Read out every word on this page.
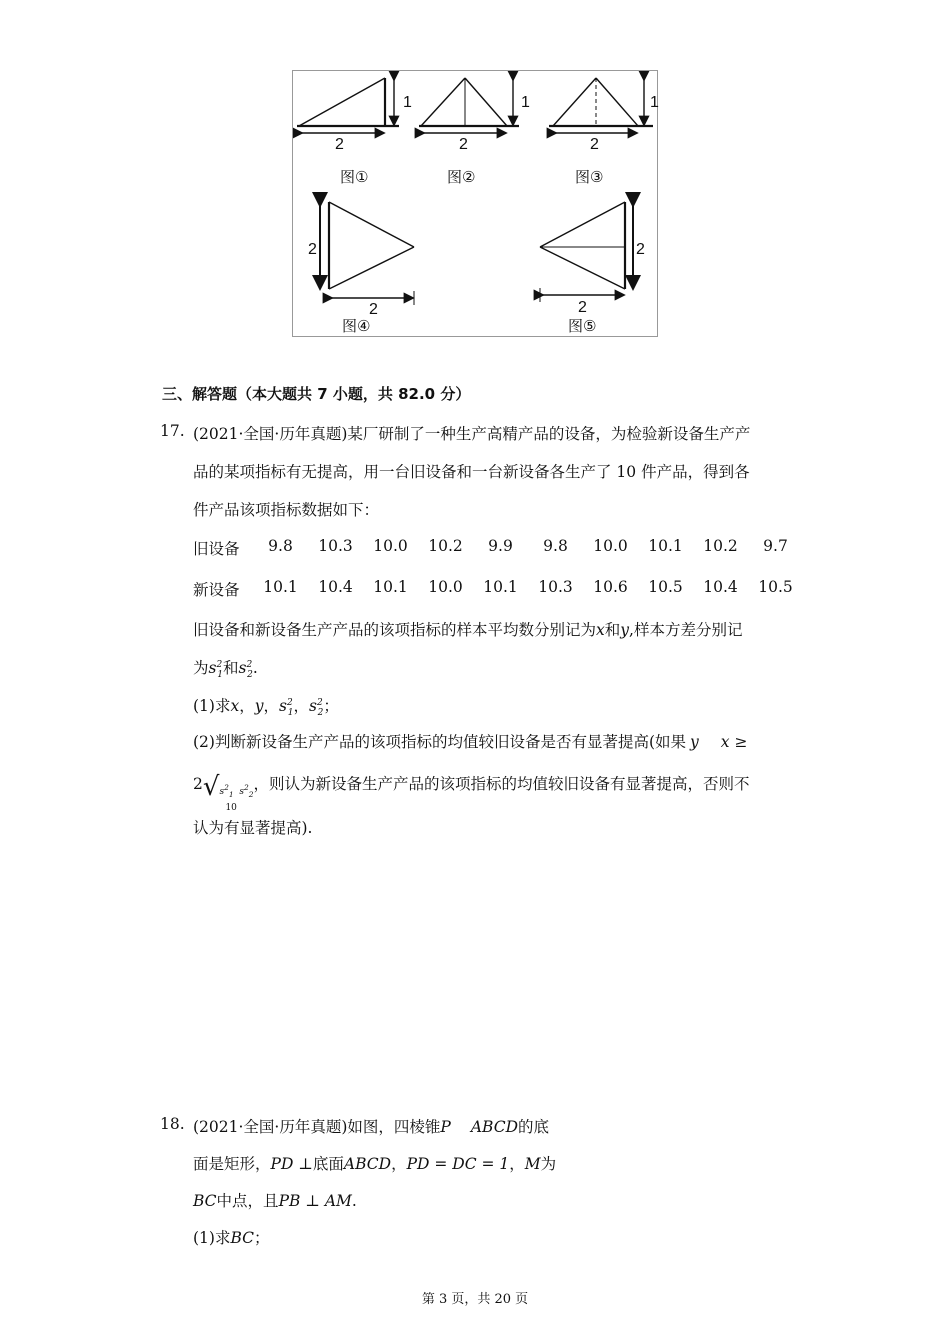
1
2
1
2
1
2
2
2
2
2
图①	图②	图③
图④	图⑤
三、解答题（本大题共 7 小题，共 82.0 分）
17. (2021·全国·历年真题)某厂研制了一种生产高精产品的设备，为检验新设备生产产
品的某项指标有无提高，用一台旧设备和一台新设备各生产了 10 件产品，得到各
件产品该项指标数据如下：
旧设备	9.8	10.3	10.0	10.2	9.9	9.8	10.0	10.1	10.2	9.7
新设备	10.1	10.4	10.1	10.0	10.1	10.3	10.6	10.5	10.4	10.5
旧设备和新设备生产产品的该项指标的样本平均数分别记为x和y,样本方差分别记
为$s^2_1$和$s^2_2$.
(1)求x，y，$s^2_1$，$s^2_2$；
(2)判断新设备生产产品的该项指标的均值较旧设备是否有显著提高(如果 y x ≥
2√ $s^2_1$  $s^2_2$
10
，则认为新设备生产产品的该项指标的均值较旧设备有显著提高，否则不
认为有显著提高).
18. (2021·全国·历年真题)如图，四棱锥P ABCD的底
面是矩形，PD ⊥底面ABCD，PD = DC = 1，M为
BC中点，且PB ⊥ AM.
(1)求BC；
第 3 页，共 20 页
